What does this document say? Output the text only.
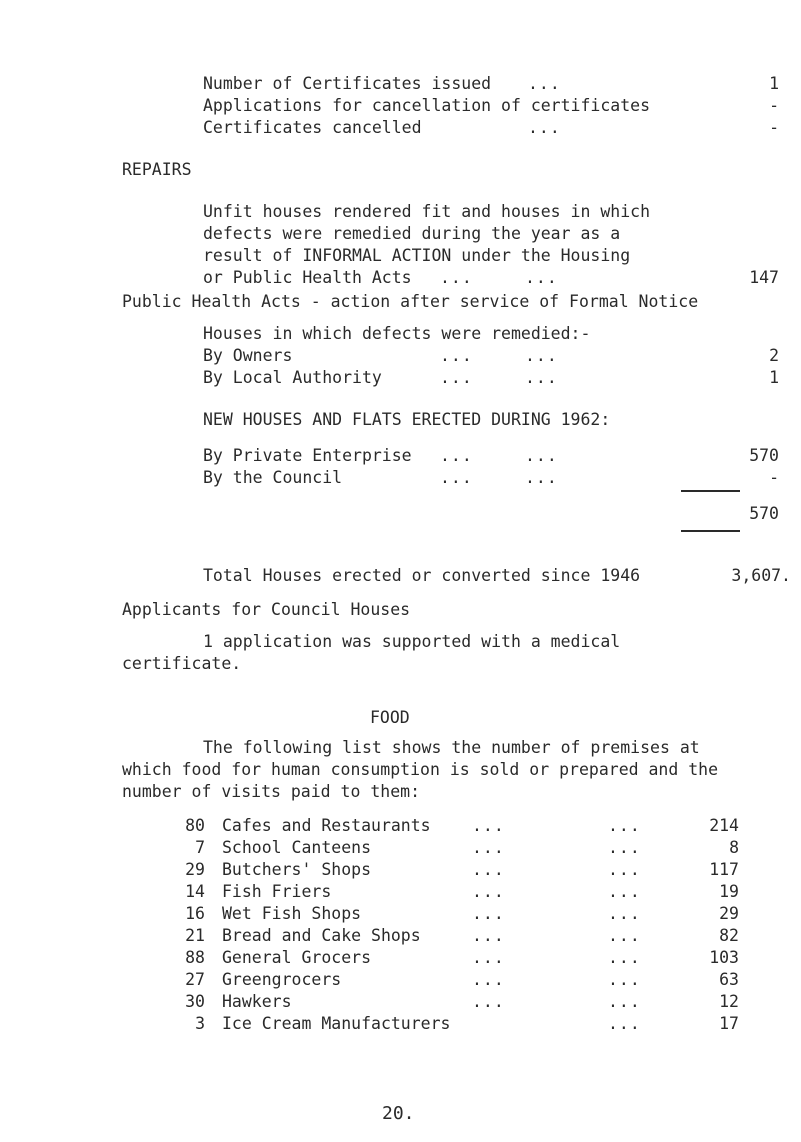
Number of Certificates issued ...	1
Applications for cancellation of certificates	-
Certificates cancelled	...	-
REPAIRS
Unfit houses rendered fit and houses in which
defects were remedied during the year as a
result of INFORMAL ACTION under the Housing
or Public Health Acts ...	...	147
Public Health Acts - action after service of Formal Notice
Houses in which defects were remedied:-
By Owners	...	...	2
By Local Authority	...	...	1
NEW HOUSES AND FLATS ERECTED DURING 1962:
By Private Enterprise ...	...	570
By the Council	...	...	-
570
Total Houses erected or converted since 1946	3,607.
Applicants for Council Houses
1 application was supported with a medical
certificate.
FOOD
The following list shows the number of premises at
which food for human consumption is sold or prepared and the
number of visits paid to them:
80 Cafes and Restaurants	...	...	214
7 School Canteens	...	...	8
29 Butchers' Shops	...	...	117
14 Fish Friers	...	...	19
16 Wet Fish Shops	...	...	29
21 Bread and Cake Shops	...	...	82
88 General Grocers	...	...	103
27 Greengrocers	...	...	63
30 Hawkers	...	...	12
3 Ice Cream Manufacturers	...	17
20.
